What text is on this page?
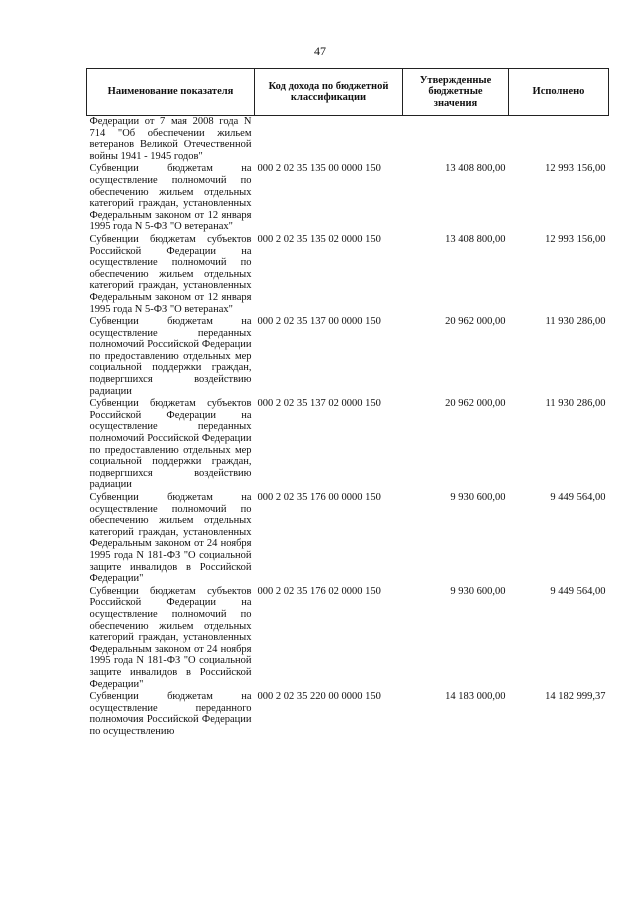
47
Наименование показателя	Код дохода по бюджетной классификации	Утвержденные бюджетные значения	Исполнено
Федерации от 7 мая 2008 года N 714 "Об обеспечении жильем ветеранов Великой Отечественной войны 1941 - 1945 годов"			
Субвенции бюджетам на осуществление полномочий по обеспечению жильем отдельных категорий граждан, установленных Федеральным законом от 12 января 1995 года N 5-ФЗ "О ветеранах"	000 2 02 35 135 00 0000 150	13 408 800,00	12 993 156,00
Субвенции бюджетам субъектов Российской Федерации на осуществление полномочий по обеспечению жильем отдельных категорий граждан, установленных Федеральным законом от 12 января 1995 года N 5-ФЗ "О ветеранах"	000 2 02 35 135 02 0000 150	13 408 800,00	12 993 156,00
Субвенции бюджетам на осуществление переданных полномочий Российской Федерации по предоставлению отдельных мер социальной поддержки граждан, подвергшихся воздействию радиации	000 2 02 35 137 00 0000 150	20 962 000,00	11 930 286,00
Субвенции бюджетам субъектов Российской Федерации на осуществление переданных полномочий Российской Федерации по предоставлению отдельных мер социальной поддержки граждан, подвергшихся воздействию радиации	000 2 02 35 137 02 0000 150	20 962 000,00	11 930 286,00
Субвенции бюджетам на осуществление полномочий по обеспечению жильем отдельных категорий граждан, установленных Федеральным законом от 24 ноября 1995 года N 181-ФЗ "О социальной защите инвалидов в Российской Федерации"	000 2 02 35 176 00 0000 150	9 930 600,00	9 449 564,00
Субвенции бюджетам субъектов Российской Федерации на осуществление полномочий по обеспечению жильем отдельных категорий граждан, установленных Федеральным законом от 24 ноября 1995 года N 181-ФЗ "О социальной защите инвалидов в Российской Федерации"	000 2 02 35 176 02 0000 150	9 930 600,00	9 449 564,00
Субвенции бюджетам на осуществление переданного полномочия Российской Федерации по осуществлению	000 2 02 35 220 00 0000 150	14 183 000,00	14 182 999,37
